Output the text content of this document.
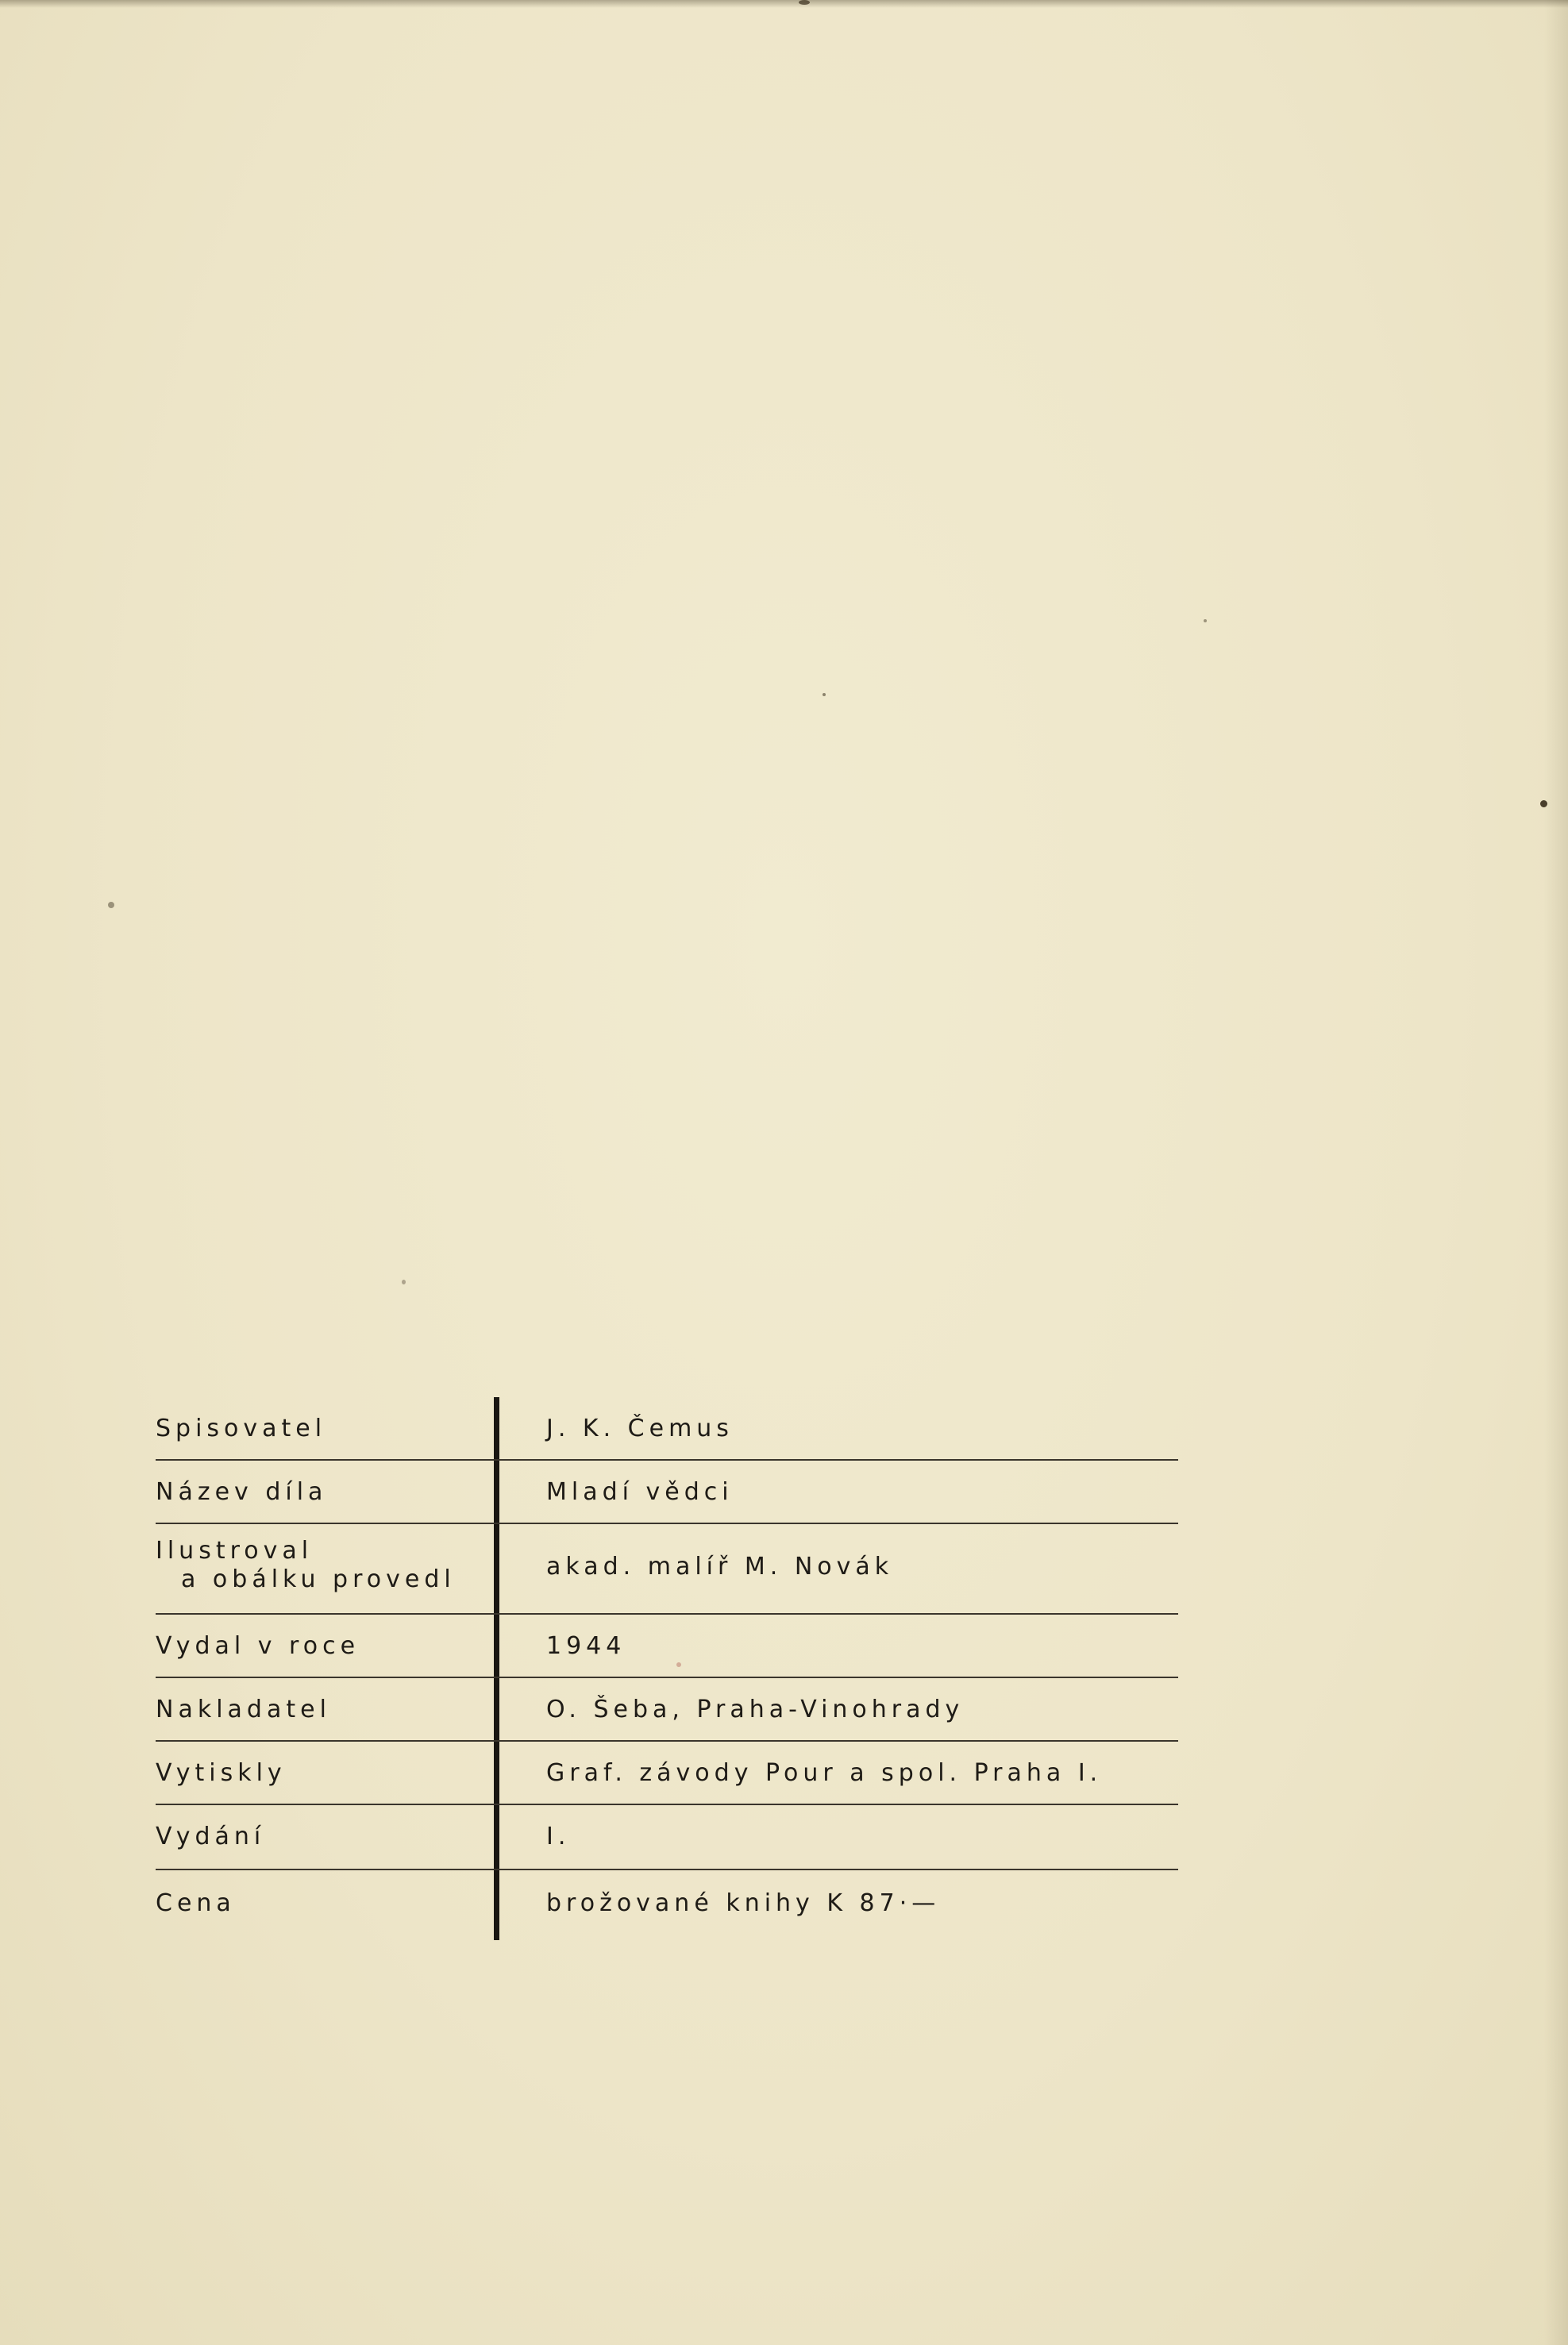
Spisovatel	J. K. Čemus
Název díla	Mladí vědci
Ilustroval
a obálku provedl	akad. malíř M. Novák
Vydal v roce	1944
Nakladatel	O. Šeba, Praha-Vinohrady
Vytiskly	Graf. závody Pour a spol. Praha I.
Vydání	I.
Cena	brožované knihy K 87·—
